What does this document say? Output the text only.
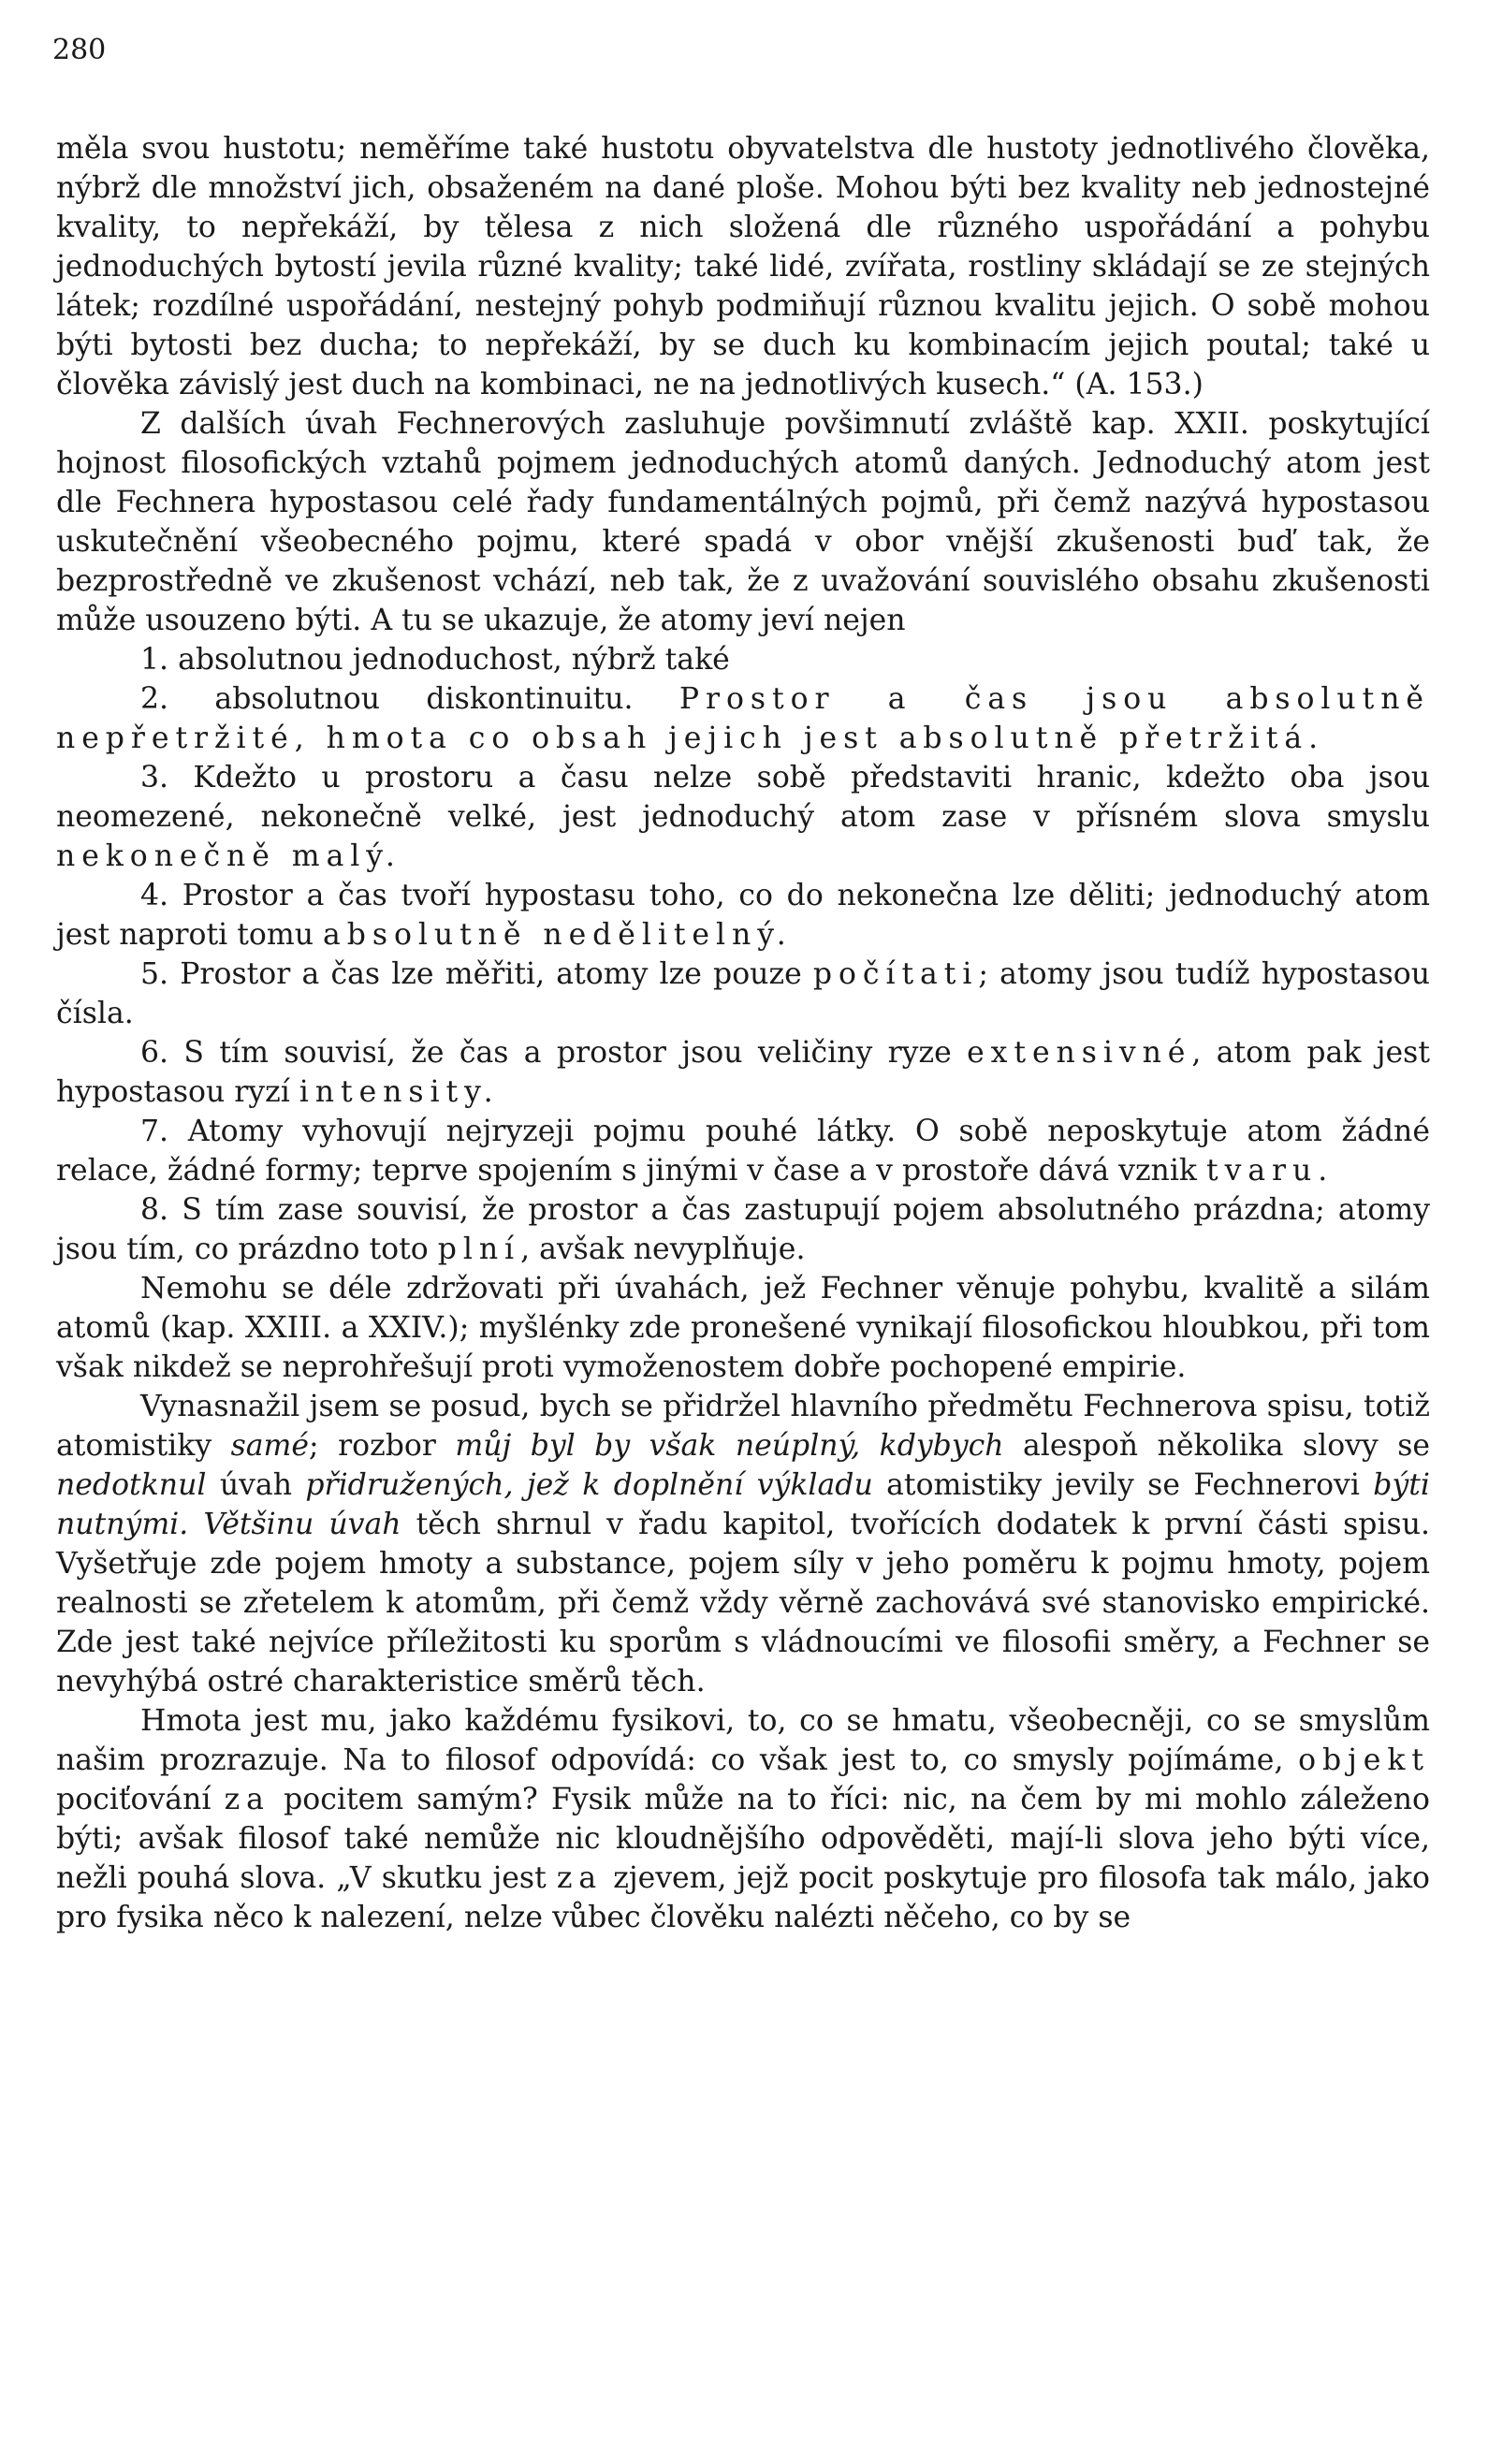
280

měla svou hustotu; neměříme také hustotu obyvatelstva dle hustoty jednotlivého člověka, nýbrž dle množství jich, obsaženém na dané ploše. Mohou býti bez kvality neb jednostejné kvality, to nepřekáží, by tělesa z nich složená dle různého uspořádání a pohybu jednoduchých bytostí jevila různé kvality; také lidé, zvířata, rostliny skládají se ze stejných látek; rozdílné uspořádání, nestejný pohyb podmiňují různou kvalitu jejich. O sobě mohou býti bytosti bez ducha; to nepřekáží, by se duch ku kombinacím jejich poutal; také u člověka závislý jest duch na kombinaci, ne na jednotlivých kusech.“ (A. 153.)

Z dalších úvah Fechnerových zasluhuje povšimnutí zvláště kap. XXII. poskytující hojnost filosofických vztahů pojmem jednoduchých atomů daných. Jednoduchý atom jest dle Fechnera hypostasou celé řady fundamentálných pojmů, při čemž nazývá hypostasou uskutečnění všeobecného pojmu, které spadá v obor vnější zkušenosti buď tak, že bezprostředně ve zkušenost vchází, neb tak, že z uvažování souvislého obsahu zkušenosti může usouzeno býti. A tu se ukazuje, že atomy jeví nejen

1. absolutnou jednoduchost, nýbrž také

2. absolutnou diskontinuitu. Prostor a čas jsou absolutně nepřetržité, hmota co obsah jejich jest absolutně přetržitá.

3. Kdežto u prostoru a času nelze sobě představiti hranic, kdežto oba jsou neomezené, nekonečně velké, jest jednoduchý atom zase v přísném slova smyslu nekonečně malý.

4. Prostor a čas tvoří hypostasu toho, co do nekonečna lze děliti; jednoduchý atom jest naproti tomu absolutně nedělitelný.

5. Prostor a čas lze měřiti, atomy lze pouze počítati; atomy jsou tudíž hypostasou čísla.

6. S tím souvisí, že čas a prostor jsou veličiny ryze extensivné, atom pak jest hypostasou ryzí intensity.

7. Atomy vyhovují nejryzeji pojmu pouhé látky. O sobě neposkytuje atom žádné relace, žádné formy; teprve spojením s jinými v čase a v prostoře dává vznik tvaru.

8. S tím zase souvisí, že prostor a čas zastupují pojem absolutného prázdna; atomy jsou tím, co prázdno toto plní, avšak nevyplňuje.

Nemohu se déle zdržovati při úvahách, jež Fechner věnuje pohybu, kvalitě a silám atomů (kap. XXIII. a XXIV.); myšlénky zde pronešené vynikají filosofickou hloubkou, při tom však nikdež se neprohřešují proti vymoženostem dobře pochopené empirie.

Vynasnažil jsem se posud, bych se přidržel hlavního předmětu Fechnerova spisu, totiž atomistiky samé; rozbor můj byl by však neúplný, kdybych alespoň několika slovy se nedotknul úvah přidružených, jež k doplnění výkladu atomistiky jevily se Fechnerovi býti nutnými. Většinu úvah těch shrnul v řadu kapitol, tvořících dodatek k první části spisu. Vyšetřuje zde pojem hmoty a substance, pojem síly v jeho poměru k pojmu hmoty, pojem realnosti se zřetelem k atomům, při čemž vždy věrně zachovává své stanovisko empirické. Zde jest také nejvíce příležitosti ku sporům s vládnoucími ve filosofii směry, a Fechner se nevyhýbá ostré charakteristice směrů těch.

Hmota jest mu, jako každému fysikovi, to, co se hmatu, všeobecněji, co se smyslům našim prozrazuje. Na to filosof odpovídá: co však jest to, co smysly pojímáme, objekt pociťování za pocitem samým? Fysik může na to říci: nic, na čem by mi mohlo záleženo býti; avšak filosof také nemůže nic kloudnějšího odpověděti, mají-li slova jeho býti více, nežli pouhá slova. „V skutku jest za zjevem, jejž pocit poskytuje pro filosofa tak málo, jako pro fysika něco k nalezení, nelze vůbec člověku nalézti něčeho, co by se
